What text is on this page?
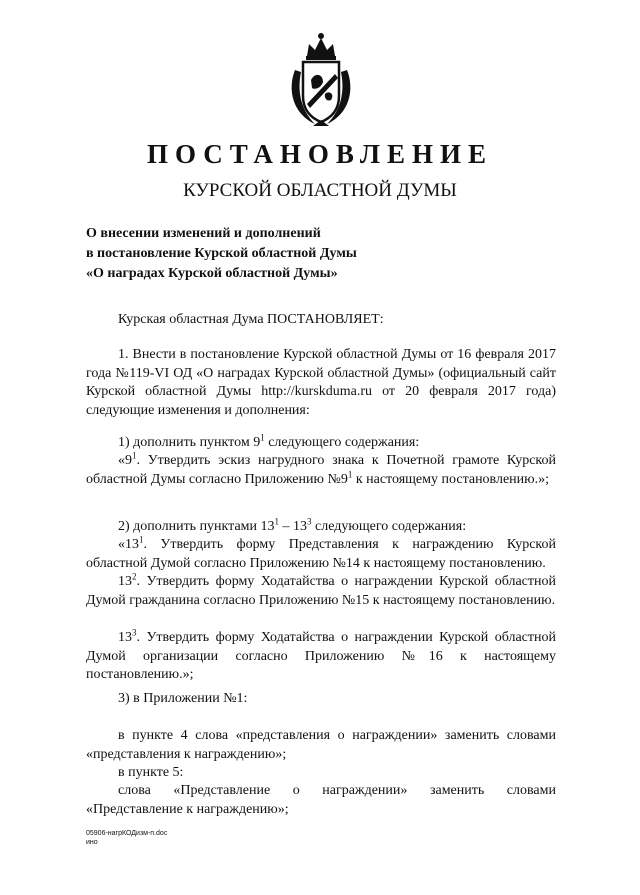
ПОСТАНОВЛЕНИЕ
КУРСКОЙ ОБЛАСТНОЙ ДУМЫ
О внесении изменений и дополнений
в постановление Курской областной Думы
«О наградах Курской областной Думы»
Курская областная Дума ПОСТАНОВЛЯЕТ:
1. Внести в постановление Курской областной Думы от 16 февраля 2017 года №119-VI ОД «О наградах Курской областной Думы» (официальный сайт Курской областной Думы http://kurskduma.ru от 20 февраля 2017 года) следующие изменения и дополнения:
1) дополнить пунктом $9^1$ следующего содержания:
«$9^1$. Утвердить эскиз нагрудного знака к Почетной грамоте Курской областной Думы согласно Приложению $№9^1$ к настоящему постановлению.»;
2) дополнить пунктами $13^1 - 13^3$ следующего содержания:
«$13^1$. Утвердить форму Представления к награждению Курской областной Думой согласно Приложению №14 к настоящему постановлению.
$13^2$. Утвердить форму Ходатайства о награждении Курской областной Думой гражданина согласно Приложению №15 к настоящему постановлению.
$13^3$. Утвердить форму Ходатайства о награждении Курской областной Думой организации согласно Приложению №16 к настоящему постановлению.»;
3) в Приложении №1:
в пункте 4 слова «представления о награждении» заменить словами «представления к награждению»;
в пункте 5:
слова «Представление о награждении» заменить словами «Представление к награждению»;
05906-нагрКОДизм-п.doc
ино
